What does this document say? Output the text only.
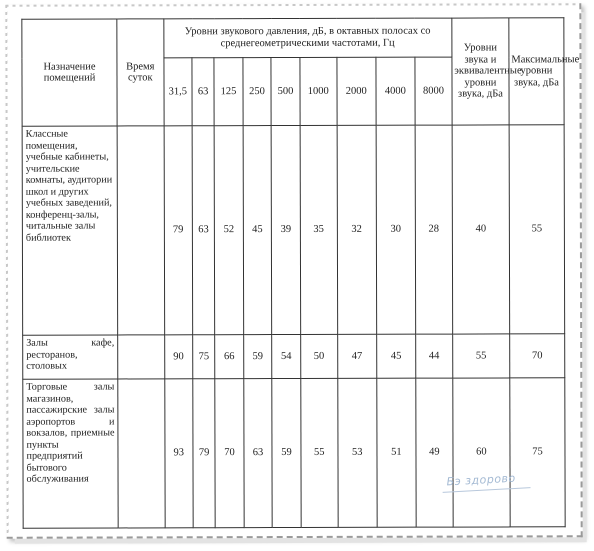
Назначение помещений	Время суток	Уровни звукового давления, дБ, в октавных полосах со среднегеометрическими частотами, Гц									Уровни звука и эквивалентные уровни звука, дБа	Максимальные уровни звука, дБа
		31,5	63	125	250	500	1000	2000	4000	8000		
Классные помещения, учебные кабинеты, учительские комнаты, аудитории школ и других учебных заведений, конференц-залы, читальные залы библиотек		79	63	52	45	39	35	32	30	28	40	55
Залы кафе, ресторанов, столовых		90	75	66	59	54	50	47	45	44	55	70
Торговые залы магазинов, пассажирские залы аэропортов и вокзалов, приемные пункты предприятий бытового обслуживания		93	79	70	63	59	55	53	51	49	60	75
Бэ здорово
